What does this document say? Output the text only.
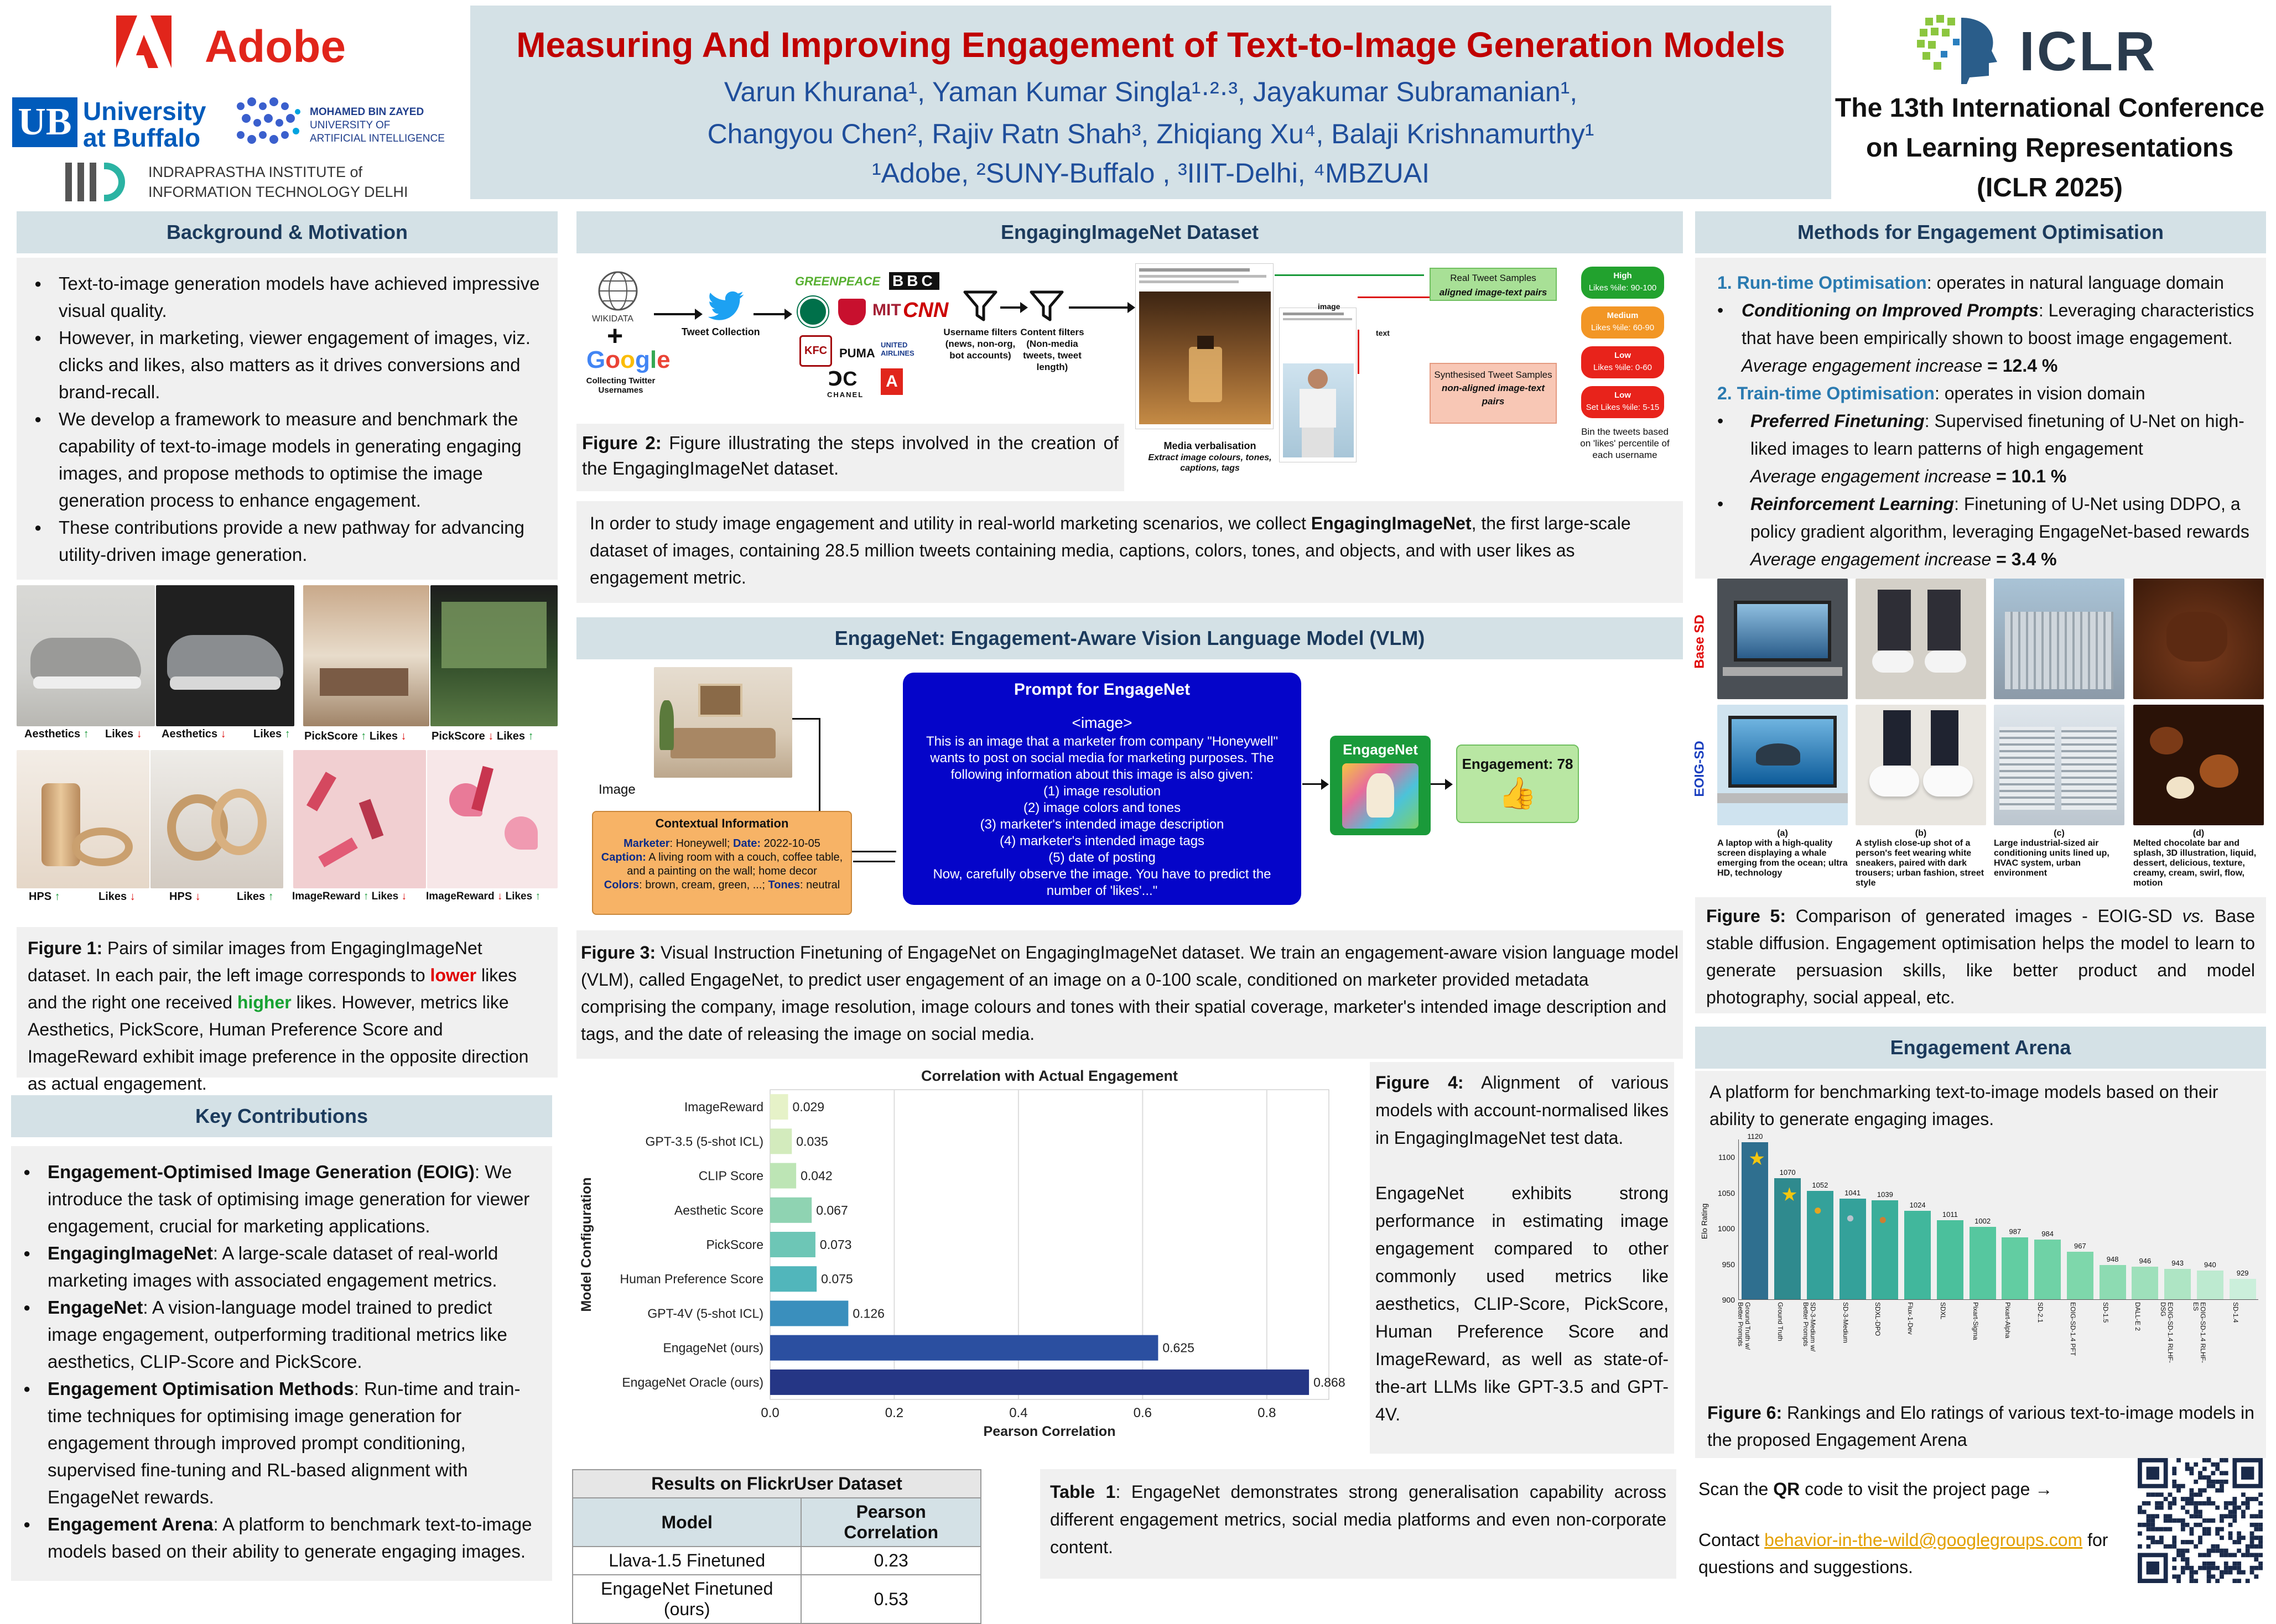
Adobe
UB University
at Buffalo
MOHAMED BIN ZAYED
UNIVERSITY OF
ARTIFICIAL INTELLIGENCE
INDRAPRASTHA INSTITUTE of
INFORMATION TECHNOLOGY DELHI
Measuring And Improving Engagement of Text-to-Image Generation Models
Varun Khurana¹, Yaman Kumar Singla¹·²·³, Jayakumar Subramanian¹,
Changyou Chen², Rajiv Ratn Shah³, Zhiqiang Xu⁴, Balaji Krishnamurthy¹
¹Adobe, ²SUNY-Buffalo , ³IIIT-Delhi, ⁴MBZUAI
ICLR
The 13th International Conference
on Learning Representations
(ICLR 2025)
Background & Motivation
● Text-to-image generation models have achieved impressive visual quality.
● However, in marketing, viewer engagement of images, viz. clicks and likes, also matters as it drives conversions and brand-recall.
● We develop a framework to measure and benchmark the capability of text-to-image models in generating engaging images, and propose methods to optimise the image generation process to enhance engagement.
● These contributions provide a new pathway for advancing utility-driven image generation.
Aesthetics ↑ Likes ↓ Aesthetics ↓ Likes ↑ PickScore ↑ Likes ↓ PickScore ↓ Likes ↑
HPS ↑	Likes ↓	HPS ↓	Likes ↑ ImageReward ↑ Likes ↓ ImageReward ↓ Likes ↑
Figure 1: Pairs of similar images from EngagingImageNet dataset. In each pair, the left image corresponds to lower likes and the right one received higher likes. However, metrics like Aesthetics, PickScore, Human Preference Score and ImageReward exhibit image preference in the opposite direction as actual engagement.
Key Contributions
● Engagement-Optimised Image Generation (EOIG): We introduce the task of optimising image generation for viewer engagement, crucial for marketing applications.
● EngagingImageNet: A large-scale dataset of real-world marketing images with associated engagement metrics.
● EngageNet: A vision-language model trained to predict image engagement, outperforming traditional metrics like aesthetics, CLIP-Score and PickScore.
● Engagement Optimisation Methods: Run-time and train-time techniques for optimising image generation for engagement through improved prompt conditioning, supervised fine-tuning and RL-based alignment with EngageNet rewards.
● Engagement Arena: A platform to benchmark text-to-image models based on their ability to generate engaging images.
EngagingImageNet Dataset
WIKIDATA
+
Google
Collecting Twitter Usernames
Tweet Collection
GREENPEACE BBC
MIT CNN
KFC PUMA
UNITED AIRLINES
ↃC
CHANEL
A
Username filters (news, non-org, bot accounts)
Content filters (Non-media tweets, tweet length)
image
text
Media verbalisation
Extract image colours, tones, captions, tags
Real Tweet Samples
aligned image-text pairs
Synthesised Tweet Samples
non-aligned image-text pairs
High
Likes %ile: 90-100
Medium
Likes %ile: 60-90
Low
Likes %ile: 0-60
Low
Set Likes %ile: 5-15
Bin the tweets based on 'likes' percentile of each username
Figure 2: Figure illustrating the steps involved in the creation of the EngagingImageNet dataset.
In order to study image engagement and utility in real-world marketing scenarios, we collect EngagingImageNet, the first large-scale dataset of images, containing 28.5 million tweets containing media, captions, colors, tones, and objects, and with user likes as engagement metric.
EngageNet: Engagement-Aware Vision Language Model (VLM)
Image
Contextual Information
Marketer: Honeywell; Date: 2022-10-05
Caption: A living room with a couch, coffee table, and a painting on the wall; home decor
Colors: brown, cream, green, ...; Tones: neutral
Prompt for EngageNet
<image>
This is an image that a marketer from company "Honeywell" wants to post on social media for marketing purposes. The following information about this image is also given:
(1) image resolution
(2) image colors and tones
(3) marketer's intended image description
(4) marketer's intended image tags
(5) date of posting
Now, carefully observe the image. You have to predict the number of 'likes'..."
EngageNet
Engagement: 78
👍
Figure 3: Visual Instruction Finetuning of EngageNet on EngagingImageNet dataset. We train an engagement-aware vision language model (VLM), called EngageNet, to predict user engagement of an image on a 0-100 scale, conditioned on marketer provided metadata comprising the company, image resolution, image colours and tones with their spatial coverage, marketer's intended image description and tags, and the date of releasing the image on social media.
0.0	0.2	0.4	0.6	0.8
ImageReward 0.029
GPT-3.5 (5-shot ICL)	0.035
CLIP Score	0.042
Aesthetic Score	0.067
PickScore	0.073
Human Preference Score	0.075
GPT-4V (5-shot ICL)	0.126
EngageNet (ours)	0.625
EngageNet Oracle (ours)	0.868
Correlation with Actual Engagement
Pearson Correlation
Model Configuration
Figure 4: Alignment of various models with account-normalised likes in EngagingImageNet test data.
EngageNet exhibits strong performance in estimating image engagement compared to other commonly used metrics like aesthetics, CLIP-Score, PickScore, Human Preference Score and ImageReward, as well as state-of-the-art LLMs like GPT-3.5 and GPT-4V.
Results on FlickrUser Dataset	
Model	Pearson Correlation
Llava-1.5 Finetuned	0.23
EngageNet Finetuned (ours)	0.53
Table 1: EngageNet demonstrates strong generalisation capability across different engagement metrics, social media platforms and even non-corporate content.
Methods for Engagement Optimisation
1. Run-time Optimisation: operates in natural language domain
• Conditioning on Improved Prompts: Leveraging characteristics that have been empirically shown to boost image engagement.
Average engagement increase = 12.4 %
2. Train-time Optimisation: operates in vision domain
• Preferred Finetuning: Supervised finetuning of U-Net on high-liked images to learn patterns of high engagement
Average engagement increase = 10.1 %
• Reinforcement Learning: Finetuning of U-Net using DDPO, a policy gradient algorithm, leveraging EngageNet-based rewards
Average engagement increase = 3.4 %
Base SD
EOIG-SD
(a)
A laptop with a high-quality screen displaying a whale emerging from the ocean; ultra HD, technology
(b)
A stylish close-up shot of a person's feet wearing white sneakers, paired with dark trousers; urban fashion, street style
(c)
Large industrial-sized air conditioning units lined up, HVAC system, urban environment
(d)
Melted chocolate bar and splash, 3D illustration, liquid, dessert, delicious, texture, creamy, cream, swirl, flow, motion
Figure 5: Comparison of generated images - EOIG-SD vs. Base stable diffusion. Engagement optimisation helps the model to learn to generate persuasion skills, like better product and model photography, social appeal, etc.
Engagement Arena
A platform for benchmarking text-to-image models based on their ability to generate engaging images.
Elo Rating
1100
1050
1000
950
900
1120
1070
1052
1041	1039
1024
1011
1002
987	984
967
948	946	943	940
929
★
★
● ● ●
Ground Truth w/ Better Prompts	Ground Truth	SD-3-Medium w/ Better Prompts	SD-3-Medium	SDXL-DPO	Flux-1-Dev	SDXL	Pixart-Sigma	Pixart-Alpha	SD-2.1	EOIG-SD-1.4 PFT	SD-1.5	DALL-E 2	EOIG-SD-1.4 RLHF-DSG	EOIG-SD-1.4 RLHF-ES	SD-1.4
Figure 6: Rankings and Elo ratings of various text-to-image models in the proposed Engagement Arena
Scan the QR code to visit the project page →
Contact behavior-in-the-wild@googlegroups.com for questions and suggestions.
